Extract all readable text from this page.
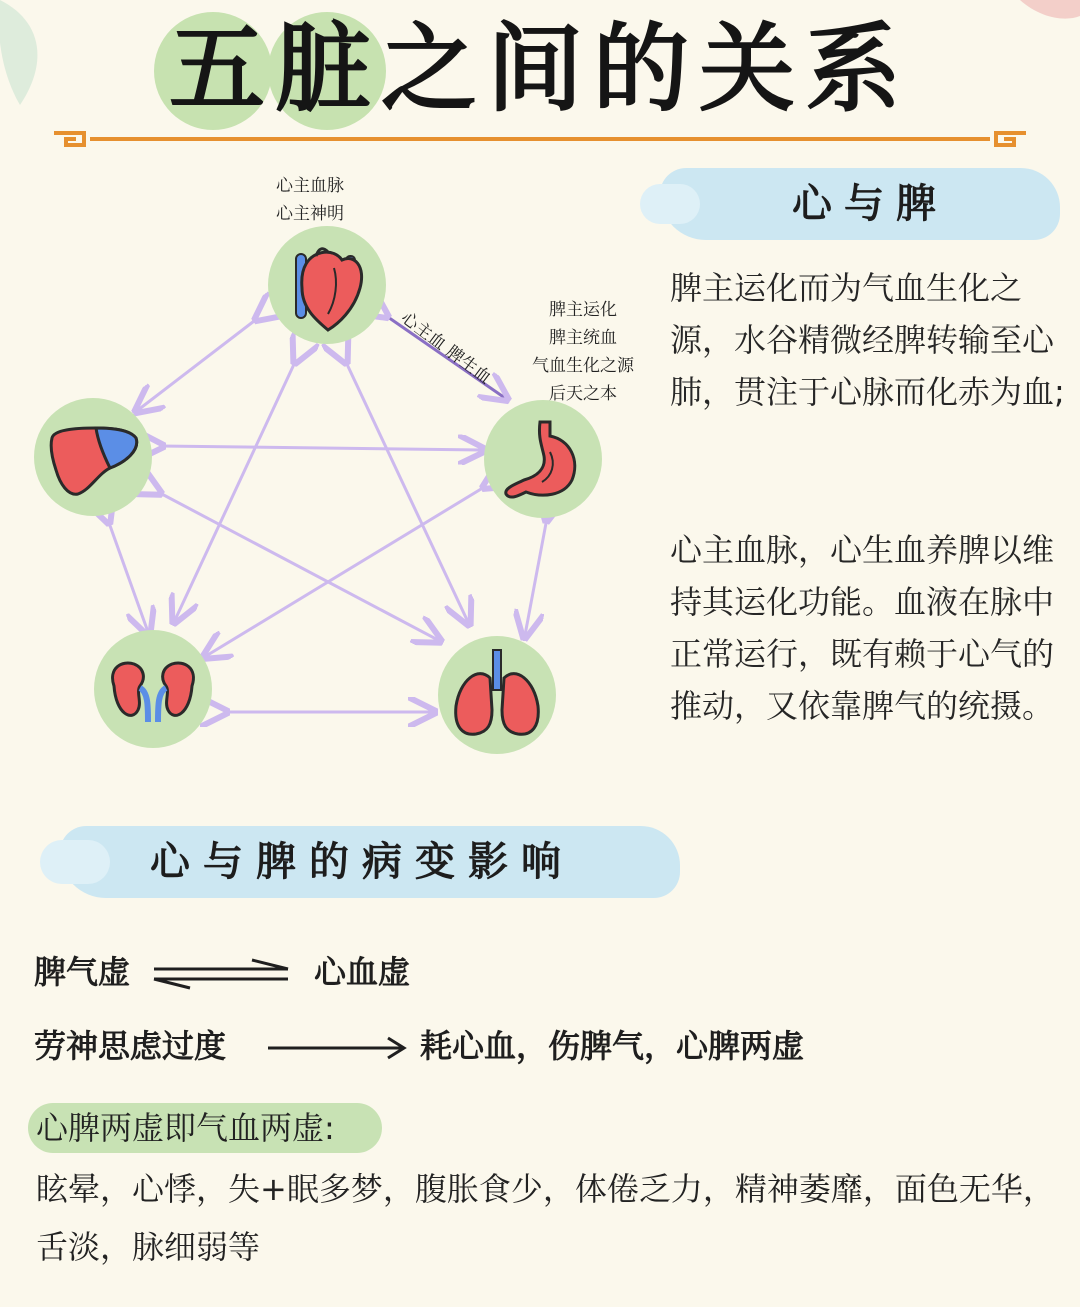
五脏之间的关系
心与脾
脾主运化而为气血生化之源，水谷精微经脾转输至心肺，贯注于心脉而化赤为血;
心主血脉，心生血养脾以维持其运化功能。血液在脉中正常运行，既有赖于心气的推动，又依靠脾气的统摄。
心主血脉
心主神明
脾主运化
脾主统血
气血生化之源
后天之本
心主血 脾生血
心与脾的病变影响
脾气虚	心血虚
劳神思虑过度	耗心血，伤脾气，心脾两虚
心脾两虚即气血两虚:
眩晕，心悸，失+眠多梦，腹胀食少，体倦乏力，精神萎靡，面色无华，舌淡，脉细弱等
